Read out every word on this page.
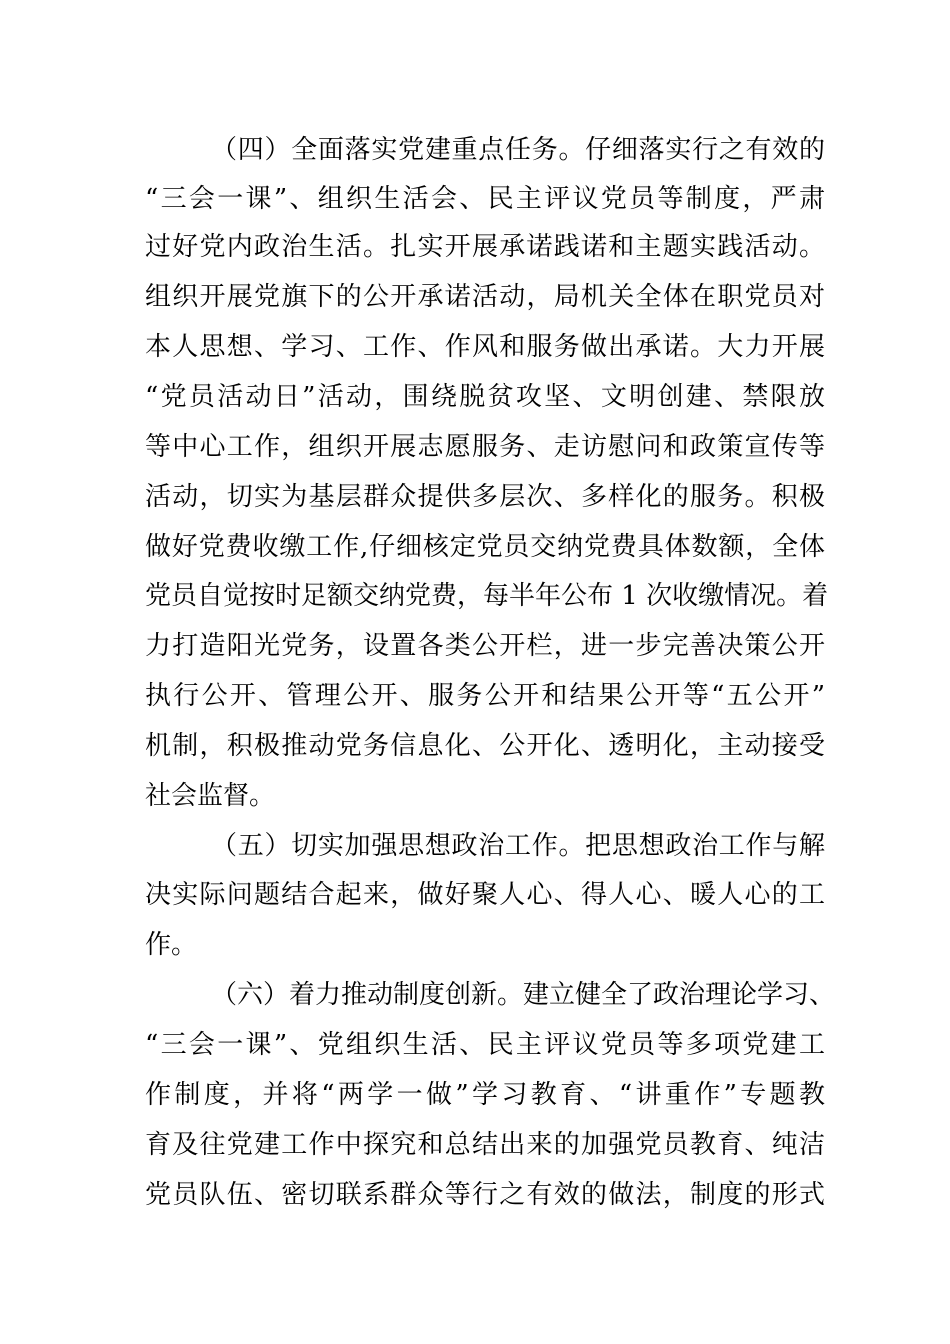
（四）全面落实党建重点任务。仔细落实行之有效的
“三会一课”、组织生活会、民主评议党员等制度，严肃
过好党内政治生活。扎实开展承诺践诺和主题实践活动。
组织开展党旗下的公开承诺活动，局机关全体在职党员对
本人思想、学习、工作、作风和服务做出承诺。大力开展
“党员活动日”活动，围绕脱贫攻坚、文明创建、禁限放
等中心工作，组织开展志愿服务、走访慰问和政策宣传等
活动，切实为基层群众提供多层次、多样化的服务。积极
做好党费收缴工作,仔细核定党员交纳党费具体数额，全体
党员自觉按时足额交纳党费，每半年公布 1 次收缴情况。着
力打造阳光党务，设置各类公开栏，进一步完善决策公开
执行公开、管理公开、服务公开和结果公开等“五公开”
机制，积极推动党务信息化、公开化、透明化，主动接受
社会监督。
（五）切实加强思想政治工作。把思想政治工作与解
决实际问题结合起来，做好聚人心、得人心、暖人心的工
作。
（六）着力推动制度创新。建立健全了政治理论学习、
“三会一课”、党组织生活、民主评议党员等多项党建工
作制度，并将“两学一做”学习教育、“讲重作”专题教
育及往党建工作中探究和总结出来的加强党员教育、纯洁
党员队伍、密切联系群众等行之有效的做法，制度的形式
